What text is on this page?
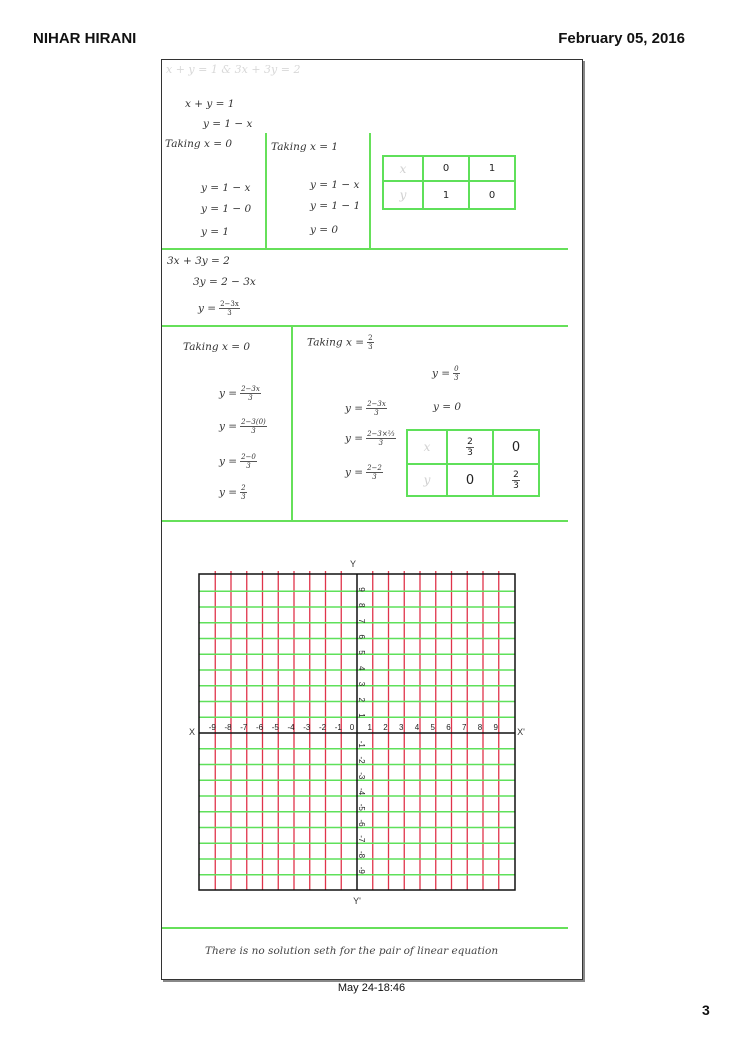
NIHAR HIRANI	February 05, 2016
x + y = 1 & 3x + 3y = 2
x + y = 1
y = 1 − x
Taking x = 0
y = 1 − x
y = 1 − 0
y = 1
Taking x = 1
y = 1 − x
y = 1 − 1
y = 0
x	0	1
y	1	0
3x + 3y = 2
3y = 2 − 3x
$y = \frac{2-3x}{3}$
Taking x = 0
$y = \frac{2-3x}{3}$
$y = \frac{2-3(0)}{3}$
$y = \frac{2-0}{3}$
$y = \frac{2}{3}$
Taking $x = \frac{2}{3}$
$y = \frac{0}{3}$
y = 0
$y = \frac{2-3x}{3}$
$y = \frac{\text{2−3×⅔}}{3}$
$y = \frac{2-2}{3}$
x	$\frac{2}{3}$	0
y	0	$\frac{2}{3}$
-9 -8 -7 -6 -5 -4 -3 -2 -1 0 1 2 3 4 5 6 7 8 9
1
2
3
4
5
6
7
8
9
-1
-2
-3
-4
-5
-6
-7
-8
-9
Y
Y'
X	X'
There is no solution seth for the pair of linear equation
May 24-18:46
3
